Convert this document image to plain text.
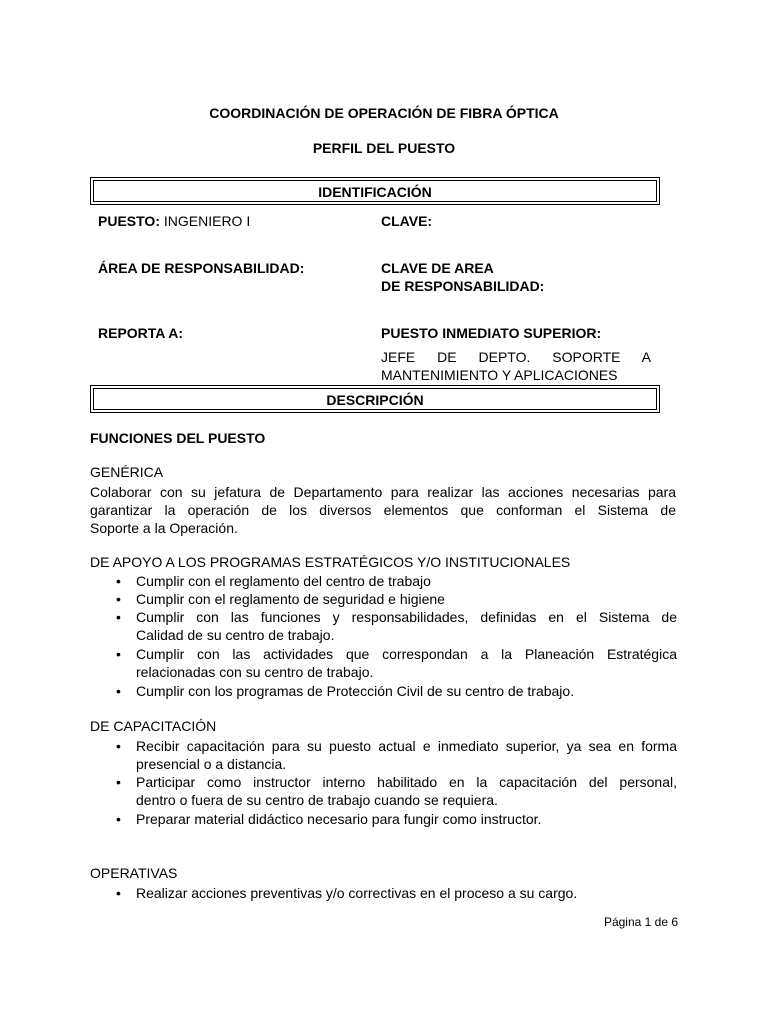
COORDINACIÓN DE OPERACIÓN DE FIBRA ÓPTICA
PERFIL DEL PUESTO
IDENTIFICACIÓN
PUESTO: INGENIERO I	CLAVE:
ÁREA DE RESPONSABILIDAD:	CLAVE DE AREA
DE RESPONSABILIDAD:
REPORTA A:	PUESTO INMEDIATO SUPERIOR:
JEFE DE DEPTO. SOPORTE A
MANTENIMIENTO Y APLICACIONES
DESCRIPCIÓN
FUNCIONES DEL PUESTO
GENÉRICA
Colaborar con su jefatura de Departamento para realizar las acciones necesarias para
garantizar la operación de los diversos elementos que conforman el Sistema de
Soporte a la Operación.
DE APOYO A LOS PROGRAMAS ESTRATÉGICOS Y/O INSTITUCIONALES
• Cumplir con el reglamento del centro de trabajo
• Cumplir con el reglamento de seguridad e higiene
• Cumplir con las funciones y responsabilidades, definidas en el Sistema de
Calidad de su centro de trabajo.
• Cumplir con las actividades que correspondan a la Planeación Estratégica
relacionadas con su centro de trabajo.
• Cumplir con los programas de Protección Civil de su centro de trabajo.
DE CAPACITACIÓN
• Recibir capacitación para su puesto actual e inmediato superior, ya sea en forma
presencial o a distancia.
• Participar como instructor interno habilitado en la capacitación del personal,
dentro o fuera de su centro de trabajo cuando se requiera.
• Preparar material didáctico necesario para fungir como instructor.
OPERATIVAS
• Realizar acciones preventivas y/o correctivas en el proceso a su cargo.
Página 1 de 6
